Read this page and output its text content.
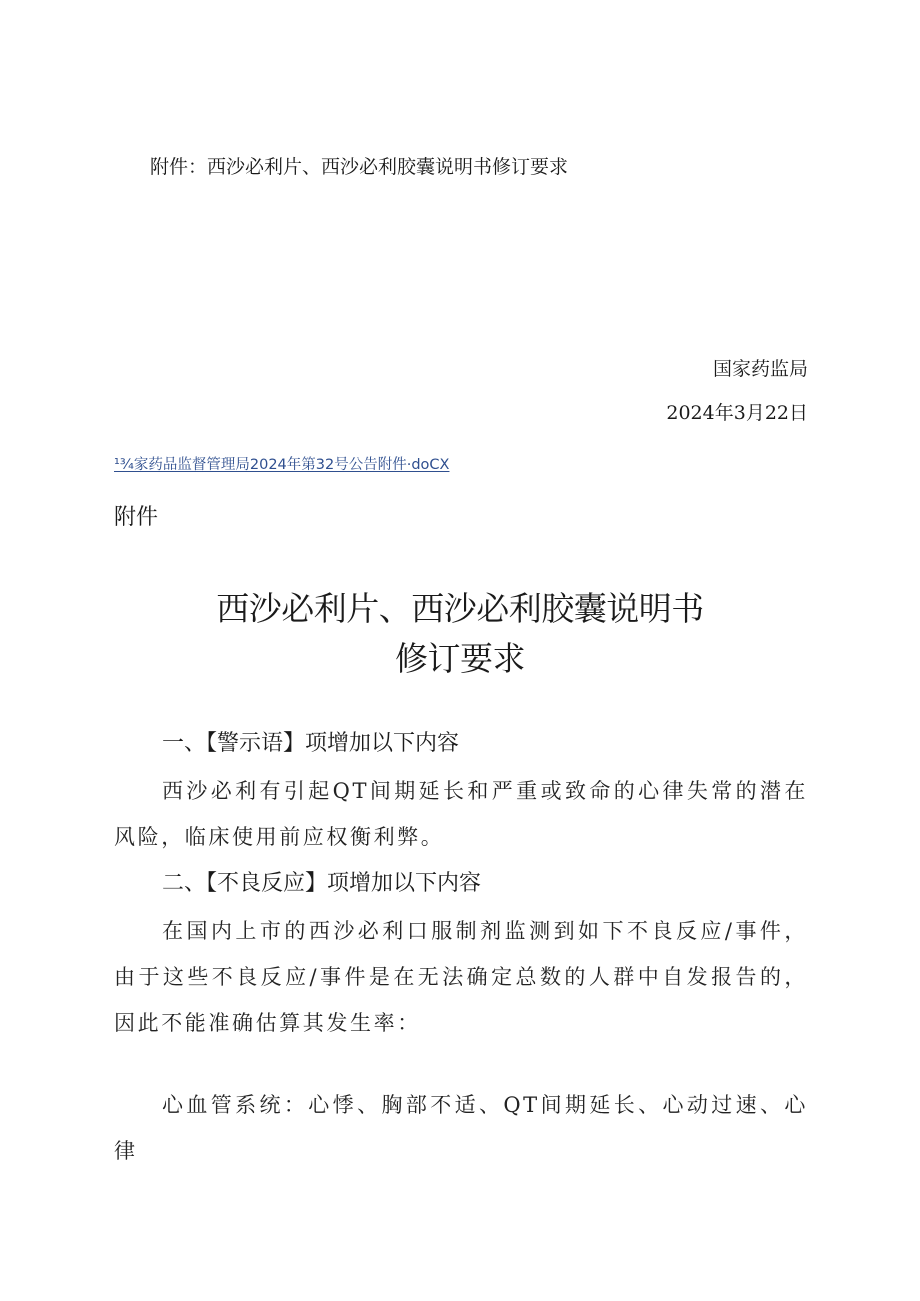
附件：西沙必利片、西沙必利胶囊说明书修订要求
国家药监局
2024年3月22日
¹¾家药品监督管理局2024年第32号公告附件·doCX
附件
西沙必利片、西沙必利胶囊说明书
修订要求
一、【警示语】项增加以下内容
西沙必利有引起QT间期延长和严重或致命的心律失常的潜在风险，临床使用前应权衡利弊。
二、【不良反应】项增加以下内容
在国内上市的西沙必利口服制剂监测到如下不良反应/事件，由于这些不良反应/事件是在无法确定总数的人群中自发报告的，因此不能准确估算其发生率：
心血管系统：心悸、胸部不适、QT间期延长、心动过速、心律
